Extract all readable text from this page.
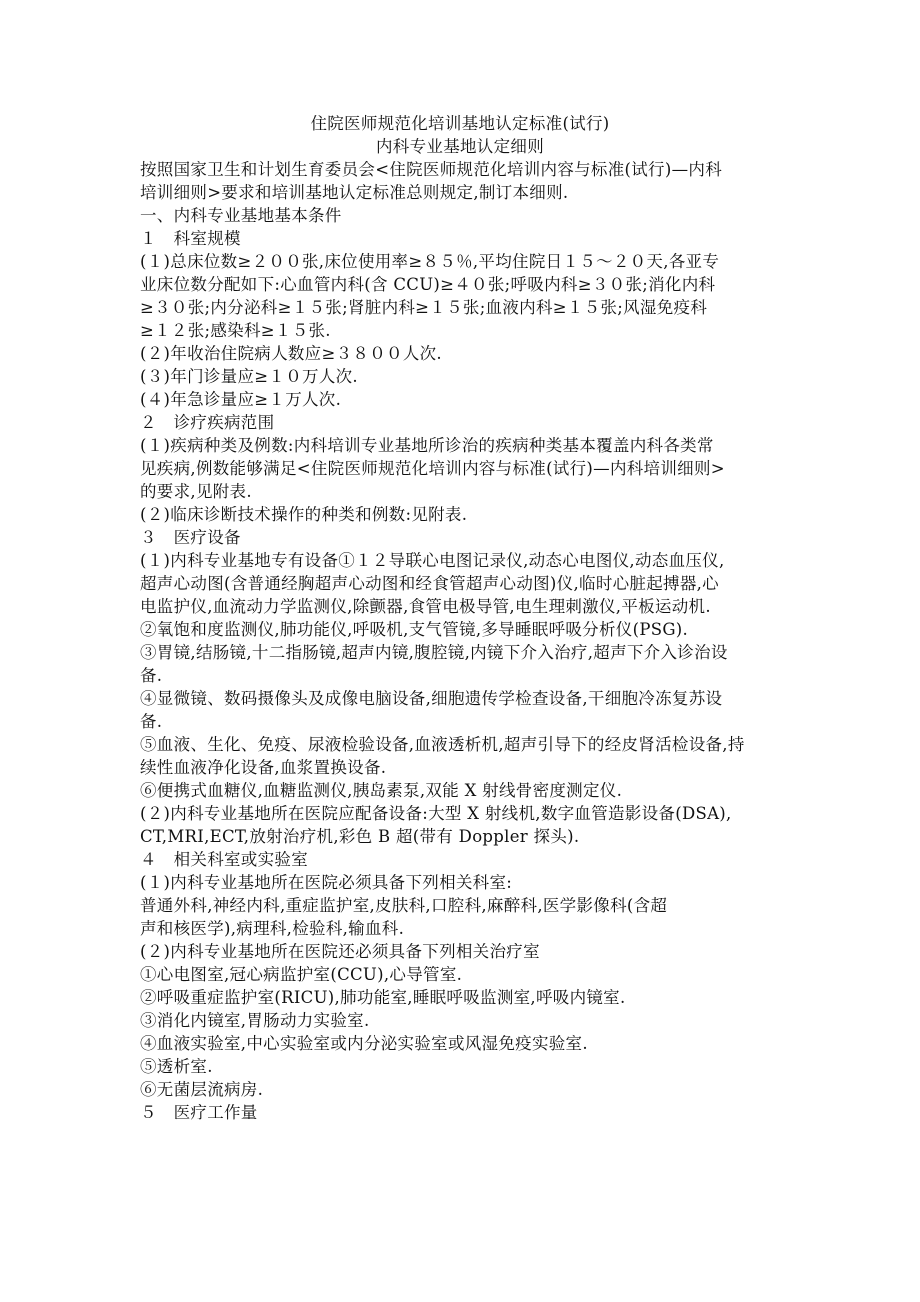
住院医师规范化培训基地认定标准(试行)
内科专业基地认定细则
按照国家卫生和计划生育委员会<住院医师规范化培训内容与标准(试行)—内科
培训细则>要求和培训基地认定标准总则规定,制订本细则.
一、内科专业基地基本条件
１　科室规模
(１)总床位数≥２００张,床位使用率≥８５％,平均住院日１５～２０天,各亚专
业床位数分配如下:心血管内科(含 CCU)≥４０张;呼吸内科≥３０张;消化内科
≥３０张;内分泌科≥１５张;肾脏内科≥１５张;血液内科≥１５张;风湿免疫科
≥１２张;感染科≥１５张.
(２)年收治住院病人数应≥３８００人次.
(３)年门诊量应≥１０万人次.
(４)年急诊量应≥１万人次.
２　诊疗疾病范围
(１)疾病种类及例数:内科培训专业基地所诊治的疾病种类基本覆盖内科各类常
见疾病,例数能够满足<住院医师规范化培训内容与标准(试行)—内科培训细则>
的要求,见附表.
(２)临床诊断技术操作的种类和例数:见附表.
３　医疗设备
(１)内科专业基地专有设备①１２导联心电图记录仪,动态心电图仪,动态血压仪,
超声心动图(含普通经胸超声心动图和经食管超声心动图)仪,临时心脏起搏器,心
电监护仪,血流动力学监测仪,除颤器,食管电极导管,电生理刺激仪,平板运动机.
②氧饱和度监测仪,肺功能仪,呼吸机,支气管镜,多导睡眠呼吸分析仪(PSG).
③胃镜,结肠镜,十二指肠镜,超声内镜,腹腔镜,内镜下介入治疗,超声下介入诊治设
备.
④显微镜、数码摄像头及成像电脑设备,细胞遗传学检查设备,干细胞冷冻复苏设
备.
⑤血液、生化、免疫、尿液检验设备,血液透析机,超声引导下的经皮肾活检设备,持
续性血液净化设备,血浆置换设备.
⑥便携式血糖仪,血糖监测仪,胰岛素泵,双能 X 射线骨密度测定仪.
(２)内科专业基地所在医院应配备设备:大型 X 射线机,数字血管造影设备(DSA),
CT,MRI,ECT,放射治疗机,彩色 B 超(带有 Doppler 探头).
４　相关科室或实验室
(１)内科专业基地所在医院必须具备下列相关科室:
普通外科,神经内科,重症监护室,皮肤科,口腔科,麻醉科,医学影像科(含超
声和核医学),病理科,检验科,输血科.
(２)内科专业基地所在医院还必须具备下列相关治疗室
①心电图室,冠心病监护室(CCU),心导管室.
②呼吸重症监护室(RICU),肺功能室,睡眠呼吸监测室,呼吸内镜室.
③消化内镜室,胃肠动力实验室.
④血液实验室,中心实验室或内分泌实验室或风湿免疫实验室.
⑤透析室.
⑥无菌层流病房.
５　医疗工作量
